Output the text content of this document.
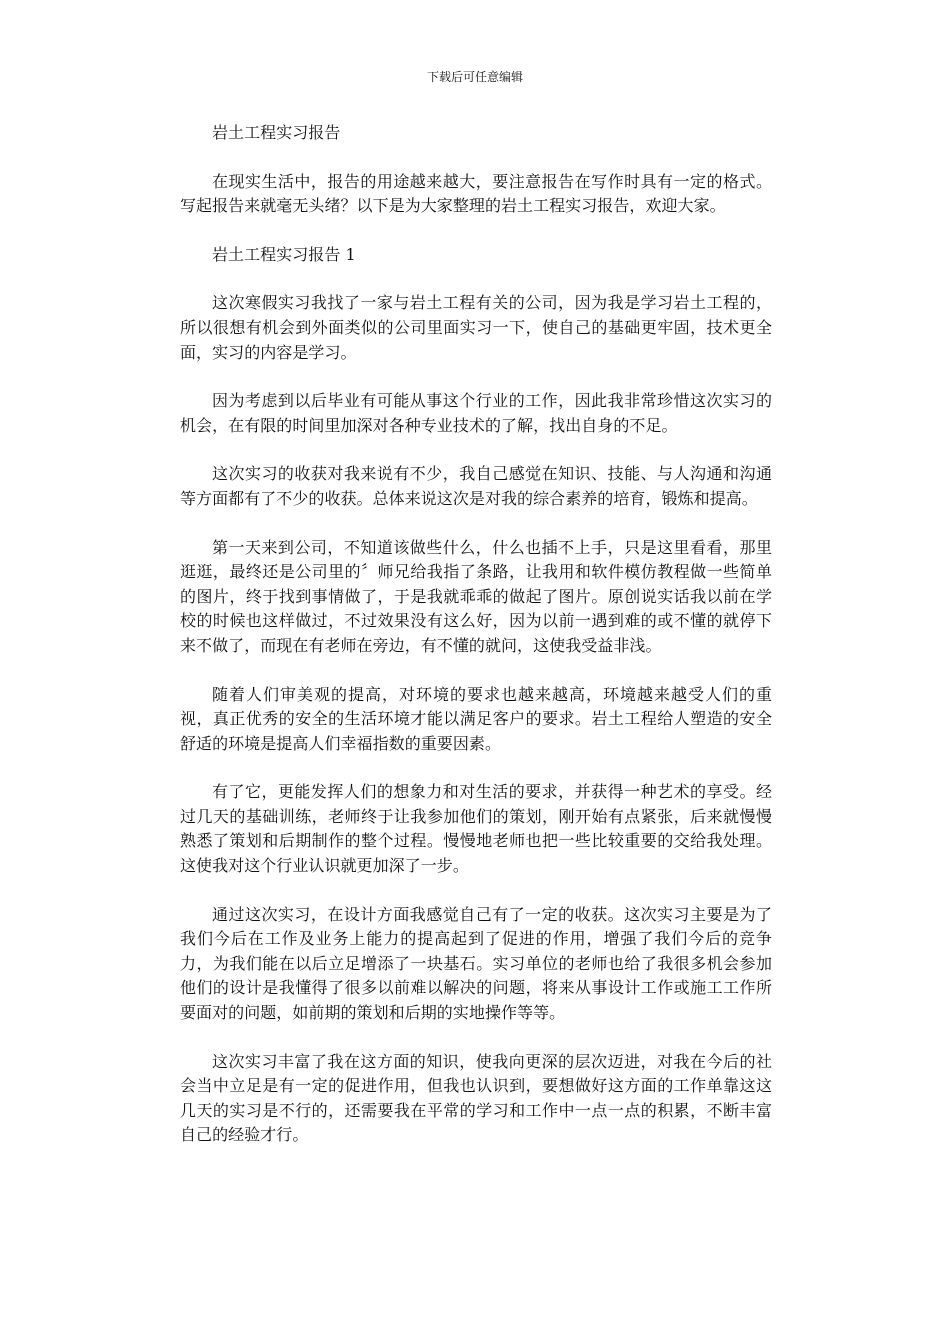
下载后可任意编辑

岩土工程实习报告

在现实生活中，报告的用途越来越大，要注意报告在写作时具有一定的格式。写起报告来就毫无头绪？以下是为大家整理的岩土工程实习报告，欢迎大家。

岩土工程实习报告 1

这次寒假实习我找了一家与岩土工程有关的公司，因为我是学习岩土工程的，所以很想有机会到外面类似的公司里面实习一下，使自己的基础更牢固，技术更全面，实习的内容是学习。

因为考虑到以后毕业有可能从事这个行业的工作，因此我非常珍惜这次实习的机会，在有限的时间里加深对各种专业技术的了解，找出自身的不足。

这次实习的收获对我来说有不少，我自己感觉在知识、技能、与人沟通和沟通等方面都有了不少的收获。总体来说这次是对我的综合素养的培育，锻炼和提高。

第一天来到公司，不知道该做些什么，什么也插不上手，只是这里看看，那里逛逛，最终还是公司里的〞师兄给我指了条路，让我用和软件模仿教程做一些简单的图片，终于找到事情做了，于是我就乖乖的做起了图片。原创说实话我以前在学校的时候也这样做过，不过效果没有这么好，因为以前一遇到难的或不懂的就停下来不做了，而现在有老师在旁边，有不懂的就问，这使我受益非浅。

随着人们审美观的提高，对环境的要求也越来越高，环境越来越受人们的重视，真正优秀的安全的生活环境才能以满足客户的要求。岩土工程给人塑造的安全舒适的环境是提高人们幸福指数的重要因素。

有了它，更能发挥人们的想象力和对生活的要求，并获得一种艺术的享受。经过几天的基础训练，老师终于让我参加他们的策划，刚开始有点紧张，后来就慢慢熟悉了策划和后期制作的整个过程。慢慢地老师也把一些比较重要的交给我处理。这使我对这个行业认识就更加深了一步。

通过这次实习，在设计方面我感觉自己有了一定的收获。这次实习主要是为了我们今后在工作及业务上能力的提高起到了促进的作用，增强了我们今后的竞争力，为我们能在以后立足增添了一块基石。实习单位的老师也给了我很多机会参加他们的设计是我懂得了很多以前难以解决的问题，将来从事设计工作或施工工作所要面对的问题，如前期的策划和后期的实地操作等等。

这次实习丰富了我在这方面的知识，使我向更深的层次迈进，对我在今后的社会当中立足是有一定的促进作用，但我也认识到，要想做好这方面的工作单靠这这几天的实习是不行的，还需要我在平常的学习和工作中一点一点的积累，不断丰富自己的经验才行。
